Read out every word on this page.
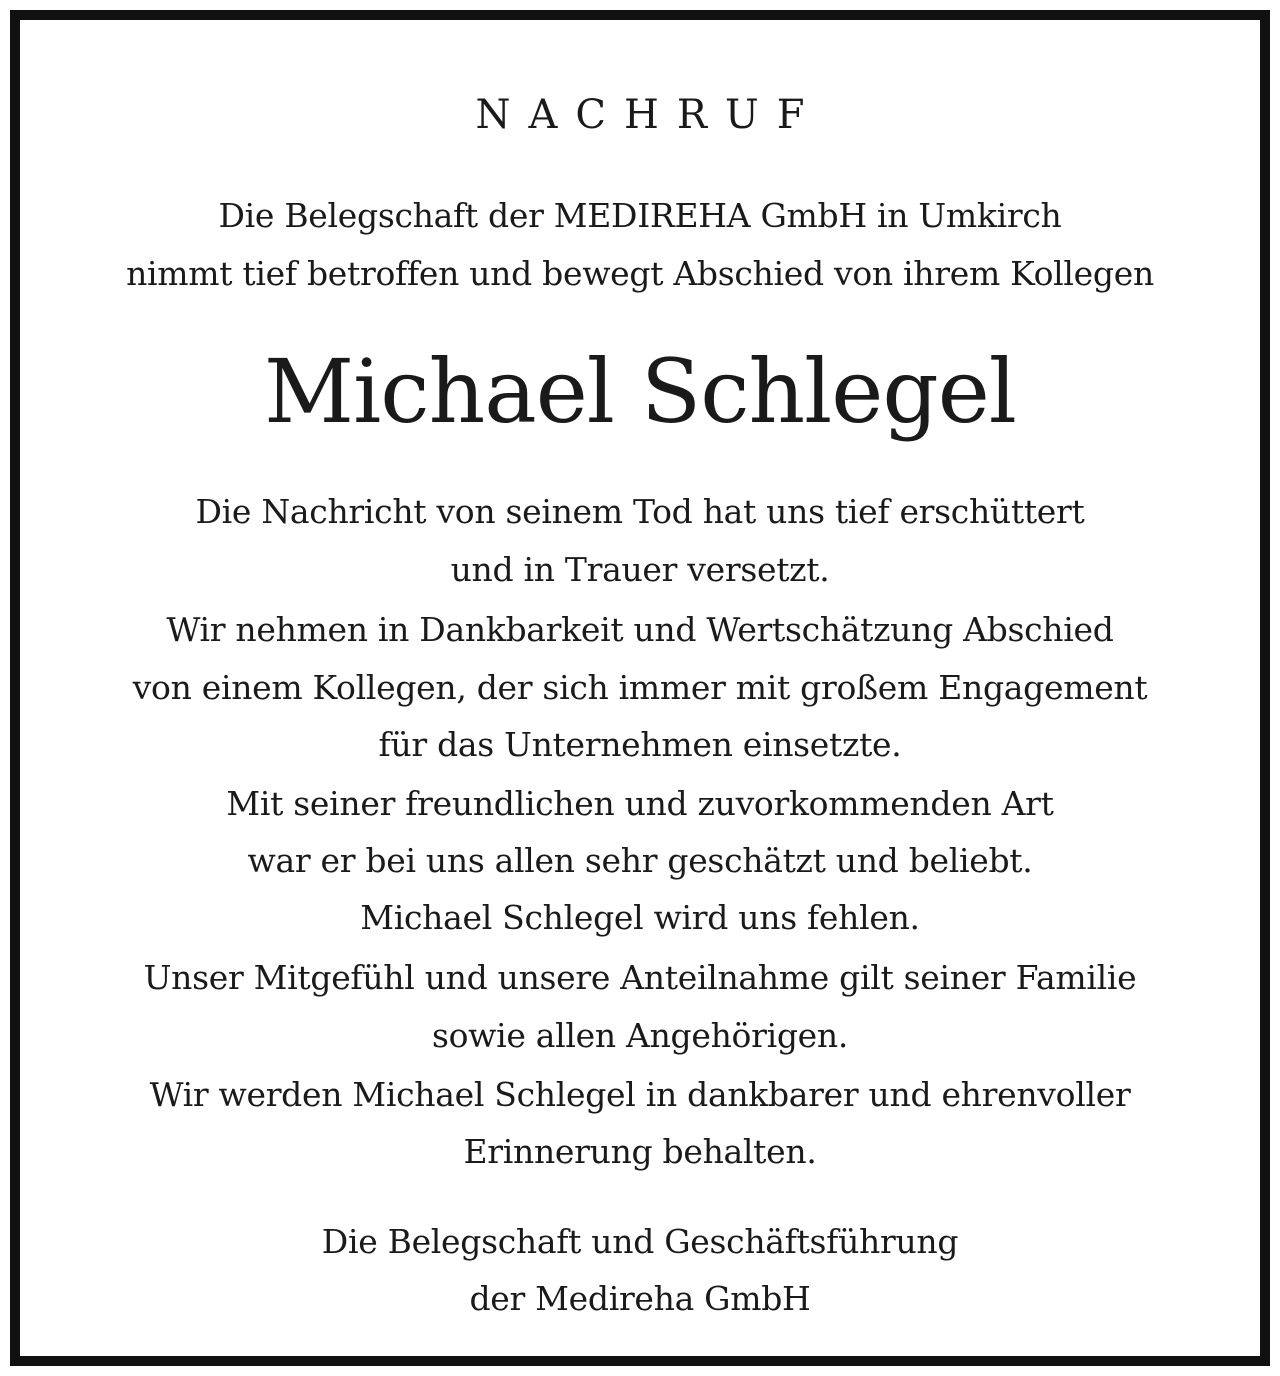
NACHRUF

Die Belegschaft der MEDIREHA GmbH in Umkirch

nimmt tief betroffen und bewegt Abschied von ihrem Kollegen

Michael Schlegel

Die Nachricht von seinem Tod hat uns tief erschüttert

und in Trauer versetzt.

Wir nehmen in Dankbarkeit und Wertschätzung Abschied

von einem Kollegen, der sich immer mit großem Engagement

für das Unternehmen einsetzte.

Mit seiner freundlichen und zuvorkommenden Art

war er bei uns allen sehr geschätzt und beliebt.

Michael Schlegel wird uns fehlen.

Unser Mitgefühl und unsere Anteilnahme gilt seiner Familie

sowie allen Angehörigen.

Wir werden Michael Schlegel in dankbarer und ehrenvoller

Erinnerung behalten.

Die Belegschaft und Geschäftsführung

der Medireha GmbH
